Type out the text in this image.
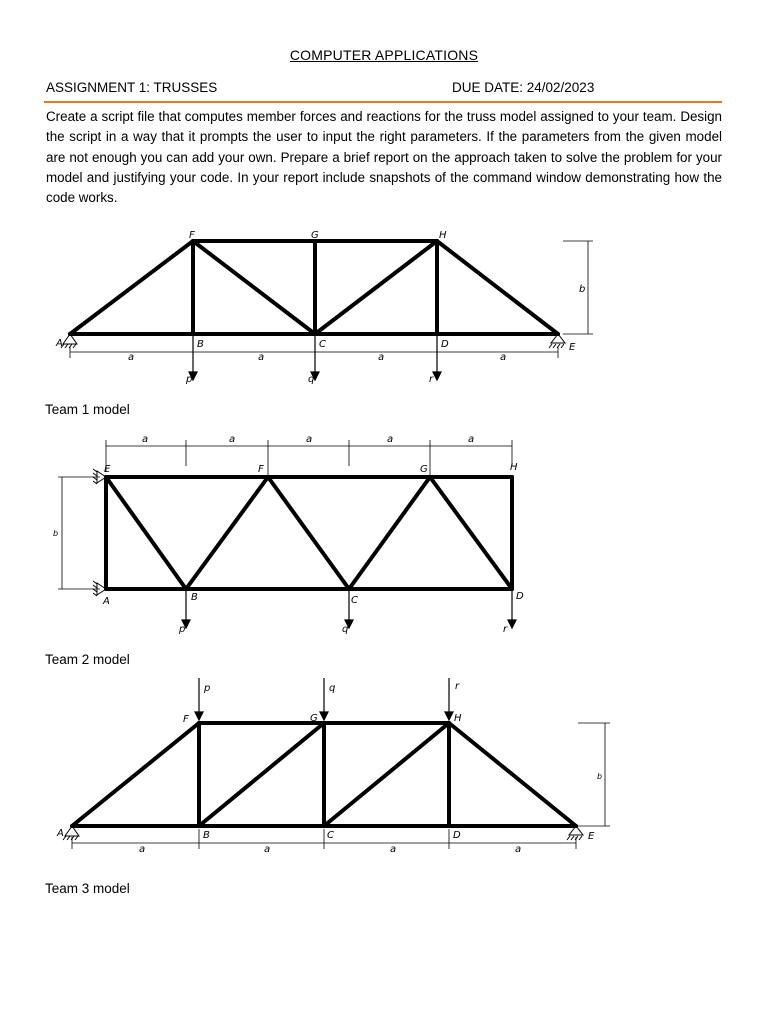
COMPUTER APPLICATIONS
ASSIGNMENT 1: TRUSSES	DUE DATE: 24/02/2023
Create a script file that computes member forces and reactions for the truss model assigned to your team. Design the script in a way that it prompts the user to input the right parameters. If the parameters from the given model are not enough you can add your own. Prepare a brief report on the approach taken to solve the problem for your model and justifying your code. In your report include snapshots of the command window demonstrating how the code works.
F	G	H
A	B	C	D	E
a	a	a	a
b
p	q	r
Team 1 model
a	a	a	a	a
b
E	F	G	H
A	B	C	D
p	q	r
Team 2 model
p	q	r
F	G	H
A	B	C	D	E
a	a	a	a
b
Team 3 model
